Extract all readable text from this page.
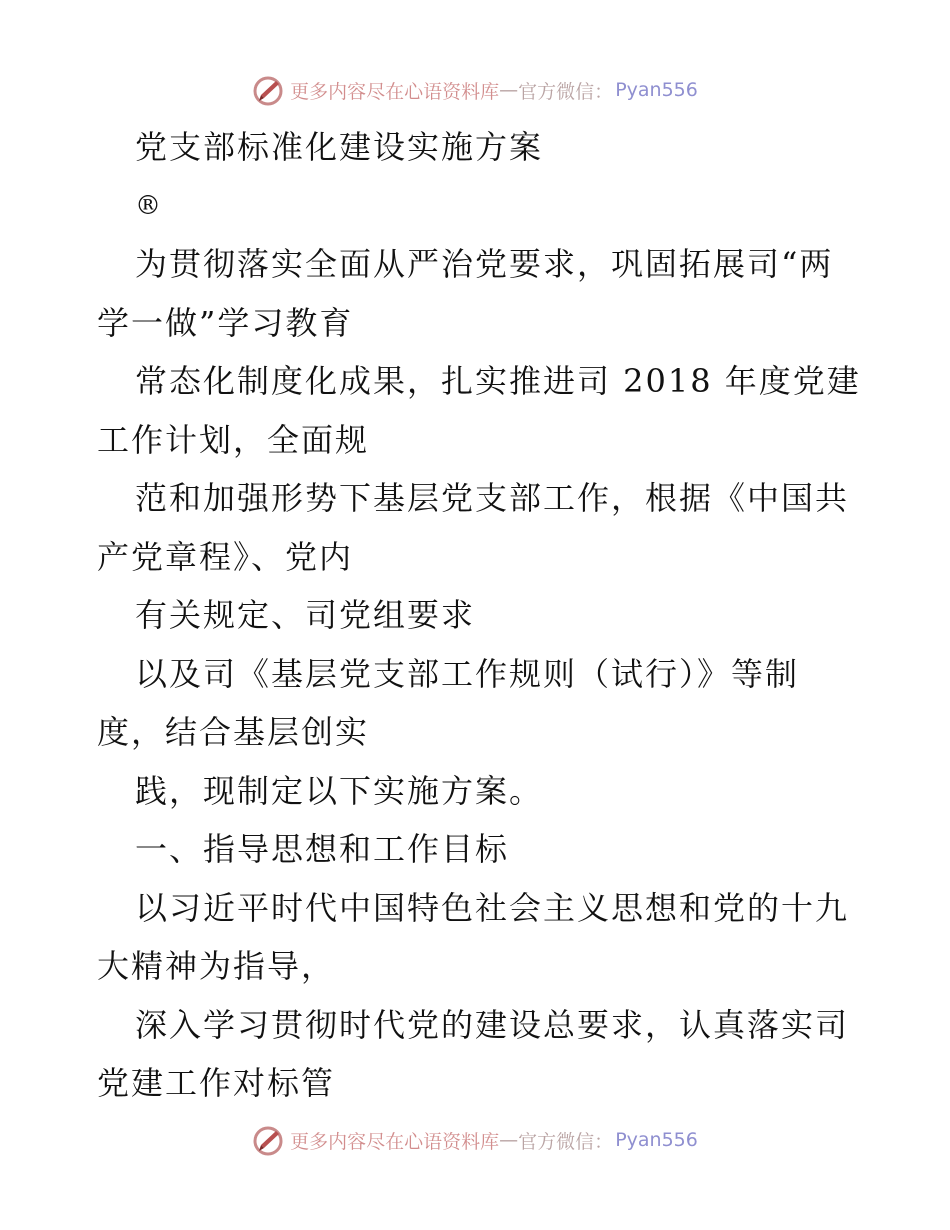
更多内容尽在心语资料库 — 官方微信： Pyan556
党支部标准化建设实施方案
®
为贯彻落实全面从严治党要求，巩固拓展司“两
学一做”学习教育
常态化制度化成果，扎实推进司 2018 年度党建
工作计划，全面规
范和加强形势下基层党支部工作，根据《中国共
产党章程》、党内
有关规定、司党组要求
以及司《基层党支部工作规则（试行）》等制
度，结合基层创实
践，现制定以下实施方案。
一、指导思想和工作目标
以习近平时代中国特色社会主义思想和党的十九
大精神为指导，
深入学习贯彻时代党的建设总要求，认真落实司
党建工作对标管
更多内容尽在心语资料库 — 官方微信： Pyan556
